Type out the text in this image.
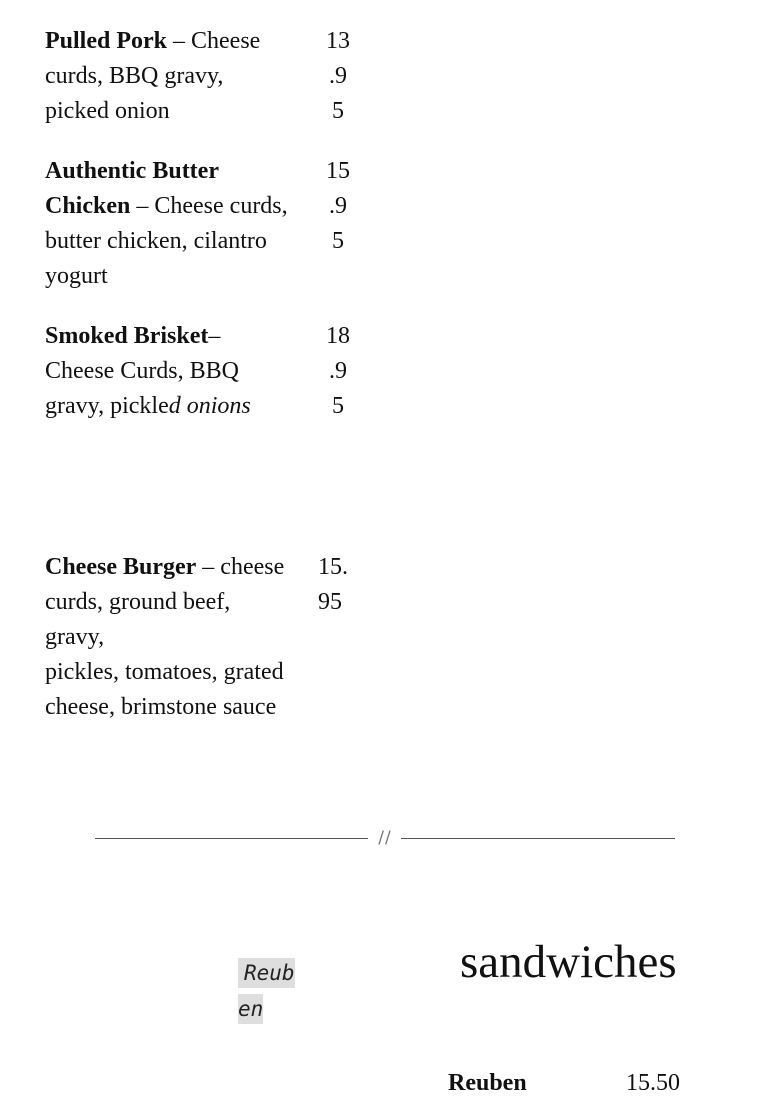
Pulled Pork – Cheese
curds, BBQ gravy,
picked onion
13
.9
5
Authentic Butter
Chicken – Cheese curds,
butter chicken, cilantro
yogurt
15
.9
5
Smoked Brisket–
Cheese Curds, BBQ
gravy, pickled onions
18
.9
5
Cheese Burger – cheese
curds, ground beef,
gravy,
pickles, tomatoes, grated
cheese, brimstone sauce
15.
95
//
Reub
en
sandwiches
Reuben	15.50
